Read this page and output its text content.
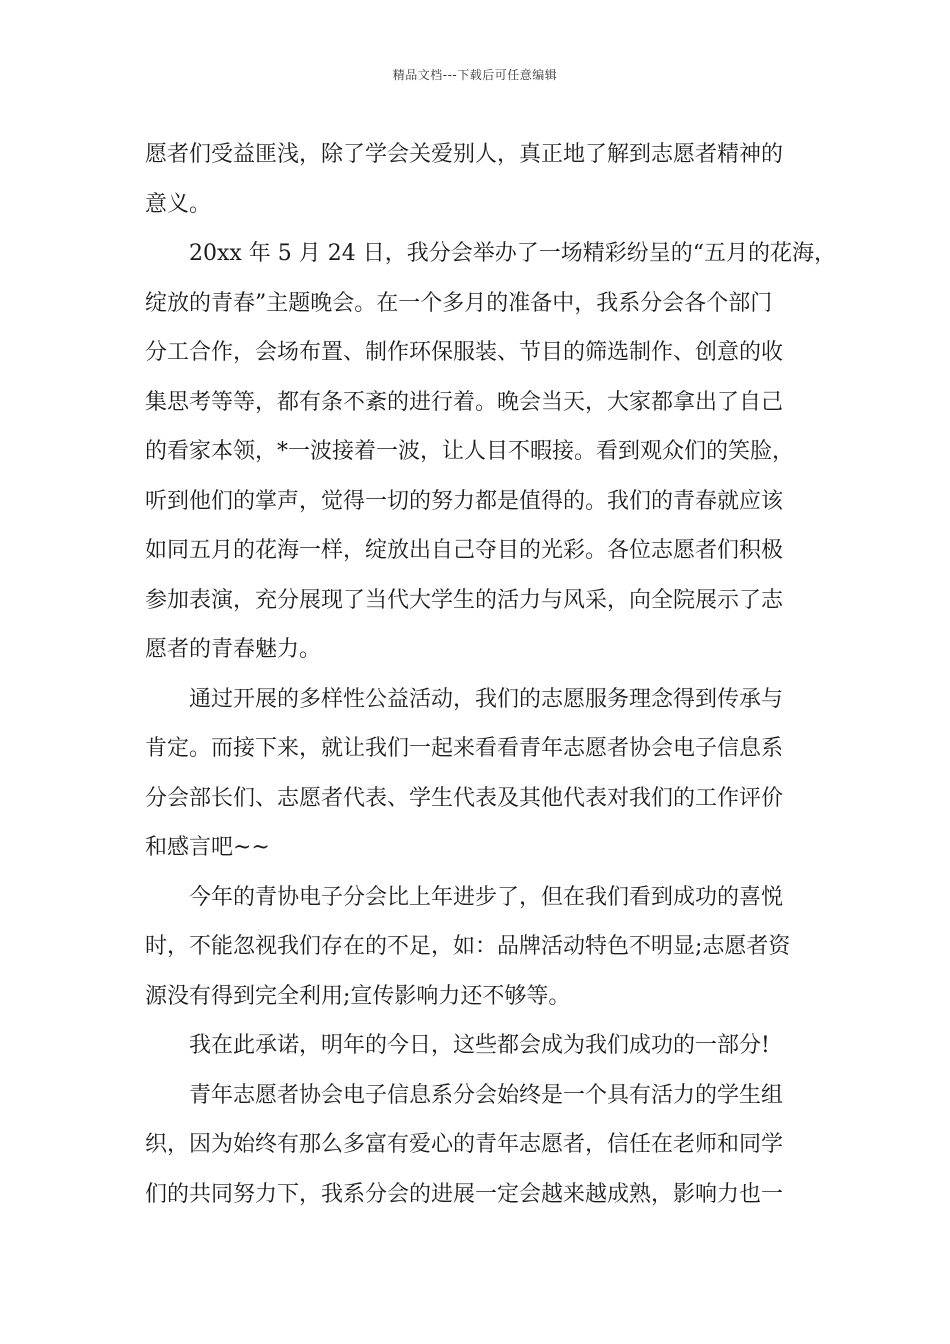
精品文档---下载后可任意编辑
愿者们受益匪浅，除了学会关爱别人，真正地了解到志愿者精神的
意义。
20xx 年 5 月 24 日，我分会举办了一场精彩纷呈的“五月的花海，
绽放的青春”主题晚会。在一个多月的准备中，我系分会各个部门
分工合作，会场布置、制作环保服装、节目的筛选制作、创意的收
集思考等等，都有条不紊的进行着。晚会当天，大家都拿出了自己
的看家本领，*一波接着一波，让人目不暇接。看到观众们的笑脸，
听到他们的掌声，觉得一切的努力都是值得的。我们的青春就应该
如同五月的花海一样，绽放出自己夺目的光彩。各位志愿者们积极
参加表演，充分展现了当代大学生的活力与风采，向全院展示了志
愿者的青春魅力。
通过开展的多样性公益活动，我们的志愿服务理念得到传承与
肯定。而接下来，就让我们一起来看看青年志愿者协会电子信息系
分会部长们、志愿者代表、学生代表及其他代表对我们的工作评价
和感言吧~~
今年的青协电子分会比上年进步了，但在我们看到成功的喜悦
时，不能忽视我们存在的不足，如：品牌活动特色不明显;志愿者资
源没有得到完全利用;宣传影响力还不够等。
我在此承诺，明年的今日，这些都会成为我们成功的一部分!
青年志愿者协会电子信息系分会始终是一个具有活力的学生组
织，因为始终有那么多富有爱心的青年志愿者，信任在老师和同学
们的共同努力下，我系分会的进展一定会越来越成熟，影响力也一
